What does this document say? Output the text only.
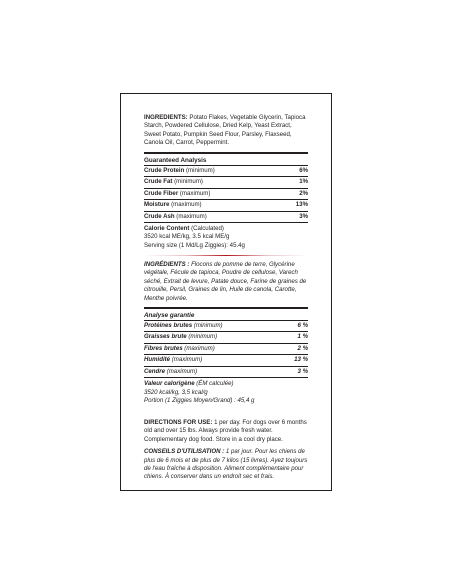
INGREDIENTS: Potato Flakes, Vegetable Glycerin, Tapioca Starch, Powdered Cellulose, Dried Kelp, Yeast Extract, Sweet Potato, Pumpkin Seed Flour, Parsley, Flaxseed, Canola Oil, Carrot, Peppermint.

Guaranteed Analysis

Crude Protein (minimum)	6%
Crude Fat (minimum)	1%
Crude Fiber (maximum)	2%
Moisture (maximum)	13%
Crude Ash (maximum)	3%
Calorie Content (Calculated)
3520 kcal ME/kg, 3.5 kcal ME/g
Serving size (1 Md/Lg Ziggies): 45.4g

INGRÉDIENTS : Flocons de pomme de terre, Glycérine végétale, Fécule de tapioca, Poudre de cellulose, Varech séché, Extrait de levure, Patate douce, Farine de graines de citrouille, Persil, Graines de lin, Huile de canola, Carotte, Menthe poivrée.

Analyse garantie

Protéines brutes (minimum)	6 %
Graisses brute (minimum)	1 %
Fibres brutes (maximum)	2 %
Humidité (maximum)	13 %
Cendre (maximum)	3 %
Valeur calorigène (ÉM calculée)
3520 kcal/kg, 3,5 kcal/g
Portion (1 Ziggies Moyen/Grand) : 45,4 g

DIRECTIONS FOR USE: 1 per day. For dogs over 6 months old and over 15 lbs. Always provide fresh water. Complementary dog food. Store in a cool dry place.

CONSEILS D'UTILISATION : 1 par jour. Pour les chiens de plus de 6 mois et de plus de 7 kilos (15 livres). Ayez toujours de l'eau fraîche à disposition. Aliment complémentaire pour chiens. À conserver dans un endroit sec et frais.
